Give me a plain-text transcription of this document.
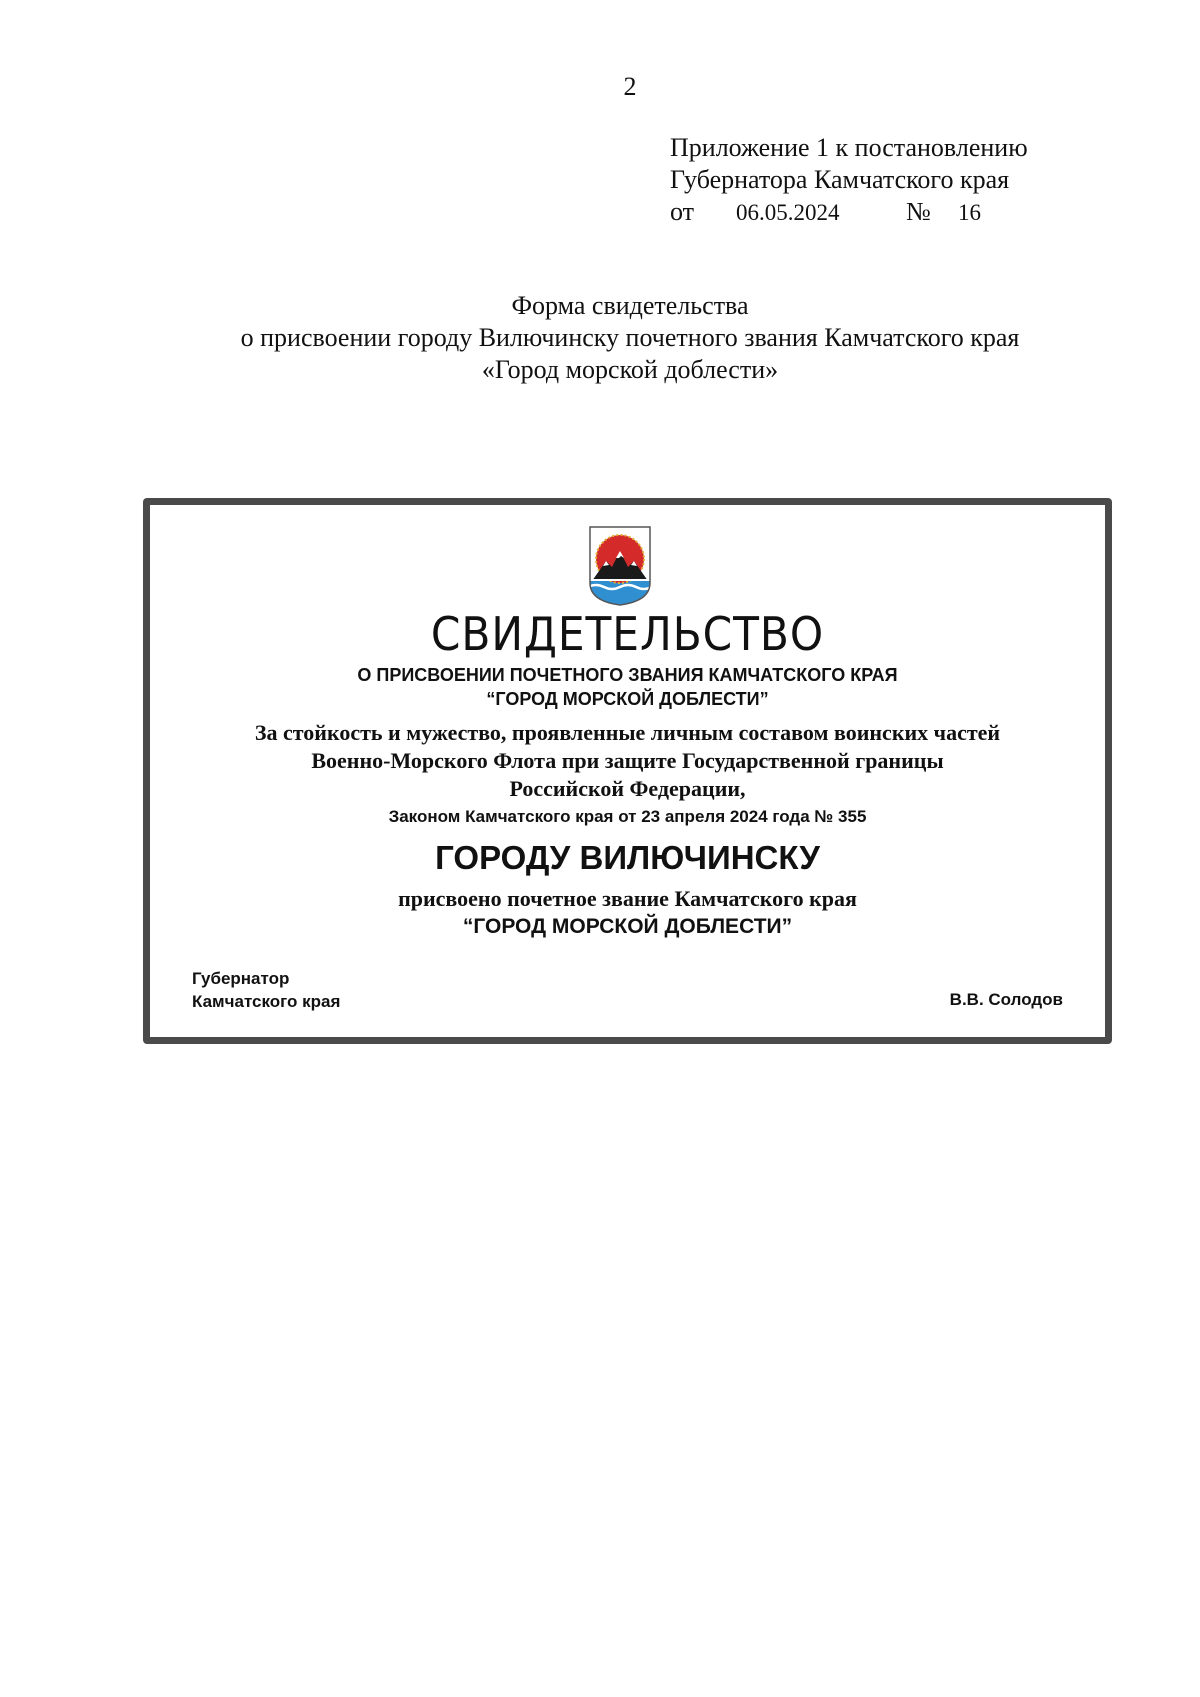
2
Приложение 1 к постановлению
Губернатора Камчатского края
от	06.05.2024	№	16
Форма свидетельства
о присвоении городу Вилючинску почетного звания Камчатского края
«Город морской доблести»
СВИДЕТЕЛЬСТВО
О ПРИСВОЕНИИ ПОЧЕТНОГО ЗВАНИЯ КАМЧАТСКОГО КРАЯ
“ГОРОД МОРСКОЙ ДОБЛЕСТИ”
За стойкость и мужество, проявленные личным составом воинских частей
Военно-Морского Флота при защите Государственной границы
Российской Федерации,
Законом Камчатского края от 23 апреля 2024 года № 355
ГОРОДУ ВИЛЮЧИНСКУ
присвоено почетное звание Камчатского края
“ГОРОД МОРСКОЙ ДОБЛЕСТИ”
Губернатор
Камчатского края	В.В. Солодов
